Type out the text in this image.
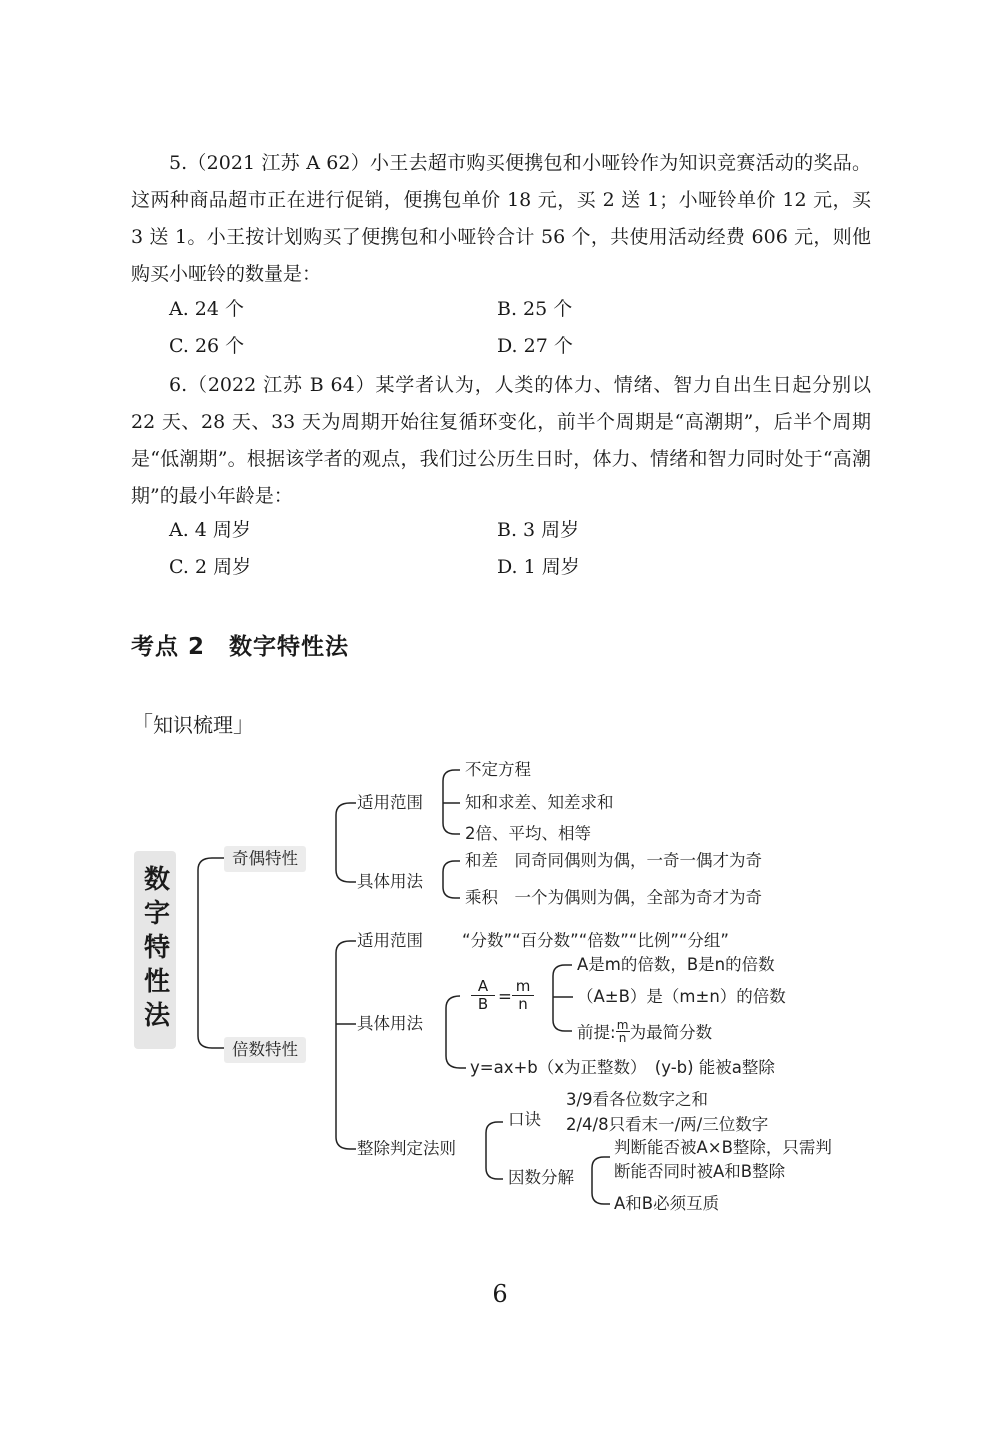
5.（2021 江苏 A 62）小王去超市购买便携包和小哑铃作为知识竞赛活动的奖品。这两种商品超市正在进行促销，便携包单价 18 元，买 2 送 1；小哑铃单价 12 元，买 3 送 1。小王按计划购买了便携包和小哑铃合计 56 个，共使用活动经费 606 元，则他购买小哑铃的数量是：

A. 24 个	B. 25 个
C. 26 个	D. 27 个

6.（2022 江苏 B 64）某学者认为，人类的体力、情绪、智力自出生日起分别以 22 天、28 天、33 天为周期开始往复循环变化，前半个周期是“高潮期”，后半个周期是“低潮期”。根据该学者的观点，我们过公历生日时，体力、情绪和智力同时处于“高潮期”的最小年龄是：

A. 4 周岁	B. 3 周岁
C. 2 周岁	D. 1 周岁
考点 2　数字特性法
「知识梳理」
数字特性法
奇偶特性
适用范围
不定方程
知和求差、知差求和
2倍、平均、相等
具体用法
和差　同奇同偶则为偶，一奇一偶才为奇
乘积　一个为偶则为偶，全部为奇才为奇
倍数特性
适用范围 “分数”“百分数”“倍数”“比例”“分组”
具体用法
A
B =
m
n
A是m的倍数，B是n的倍数
（A±B）是（m±n）的倍数
前提$:\frac{m}{n}$为最简分数
y=ax+b（x为正整数）　(y-b) 能被a整除
整除判定法则
口诀
3/9看各位数字之和
2/4/8只看末一/两/三位数字
因数分解
判断能否被A×B整除，只需判
断能否同时被A和B整除
A和B必须互质
6
